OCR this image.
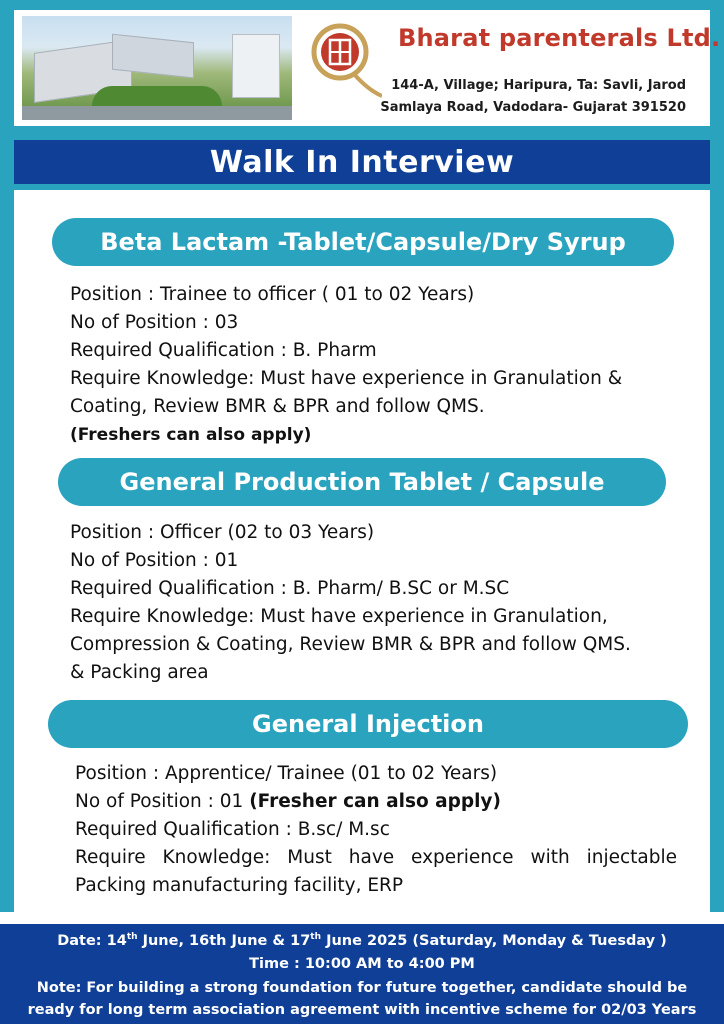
Bharat parenterals Ltd.
144-A, Village; Haripura, Ta: Savli, Jarod
Samlaya Road, Vadodara- Gujarat 391520
Walk In Interview
Beta Lactam -Tablet/Capsule/Dry Syrup
Position : Trainee to officer ( 01 to 02 Years)
No of Position : 03
Required Qualification : B. Pharm
Require Knowledge: Must have experience in Granulation &
Coating, Review BMR & BPR and follow QMS.
(Freshers can also apply)
General Production Tablet / Capsule
Position : Officer (02 to 03 Years)
No of Position : 01
Required Qualification : B. Pharm/ B.SC or M.SC
Require Knowledge: Must have experience in Granulation,
Compression & Coating, Review BMR & BPR and follow QMS.
& Packing area
General Injection
Position : Apprentice/ Trainee (01 to 02 Years)
No of Position : 01 (Fresher can also apply)
Required Qualification : B.sc/ M.sc
Require Knowledge: Must have experience with injectable
Packing manufacturing facility, ERP
Date: 14th June, 16th June & 17th June 2025 (Saturday, Monday & Tuesday )
Time : 10:00 AM to 4:00 PM
Note: For building a strong foundation for future together, candidate should be
ready for long term association agreement with incentive scheme for 02/03 Years
